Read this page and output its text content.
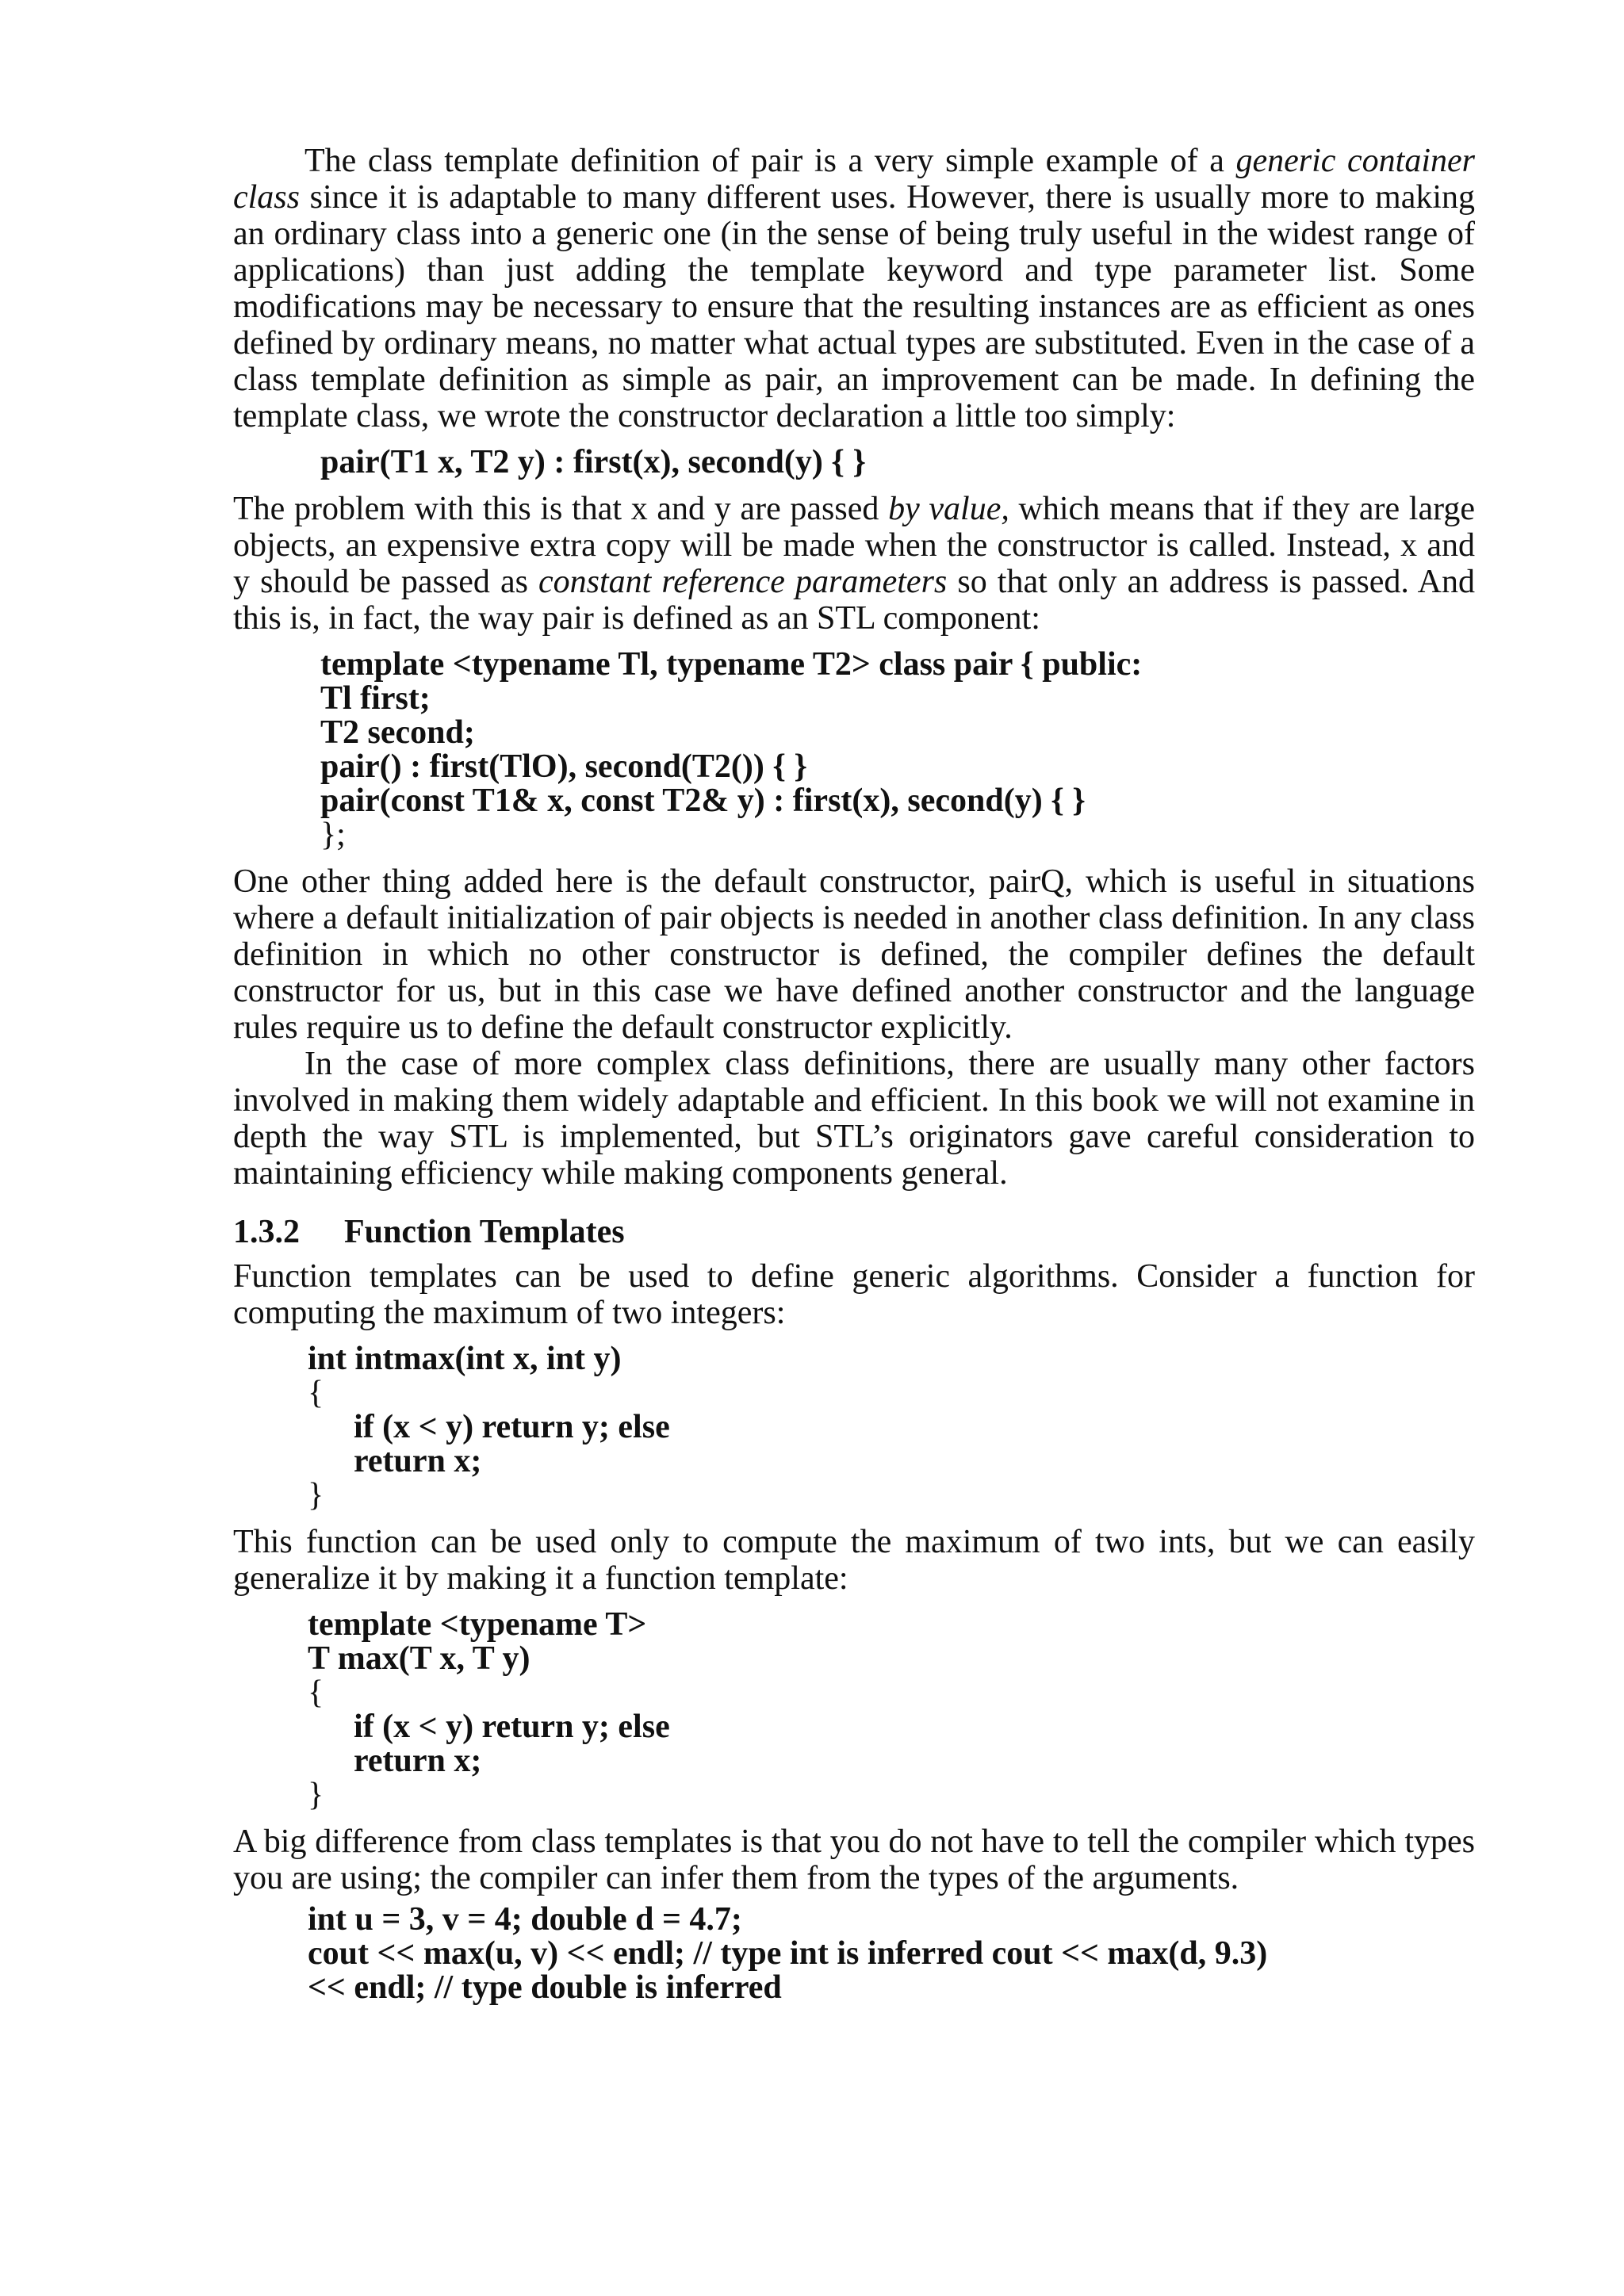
The class template definition of pair is a very simple example of a generic container class since it is adaptable to many different uses. However, there is usually more to making an ordinary class into a generic one (in the sense of being truly useful in the widest range of applications) than just adding the template keyword and type parameter list. Some modifications may be necessary to ensure that the resulting instances are as efficient as ones defined by ordinary means, no matter what actual types are substituted. Even in the case of a class template definition as simple as pair, an improvement can be made. In defining the template class, we wrote the constructor declaration a little too simply:

pair(T1 x, T2 y) : first(x), second(y) { }

The problem with this is that x and y are passed by value, which means that if they are large objects, an expensive extra copy will be made when the constructor is called. Instead, x and y should be passed as constant reference parameters so that only an address is passed. And this is, in fact, the way pair is defined as an STL component:

template <typename Tl, typename T2> class pair { public:
Tl first;
T2 second;
pair() : first(TlO), second(T2()) { }
pair(const T1& x, const T2& y) : first(x), second(y) { }
};

One other thing added here is the default constructor, pairQ, which is useful in situations where a default initialization of pair objects is needed in another class definition. In any class definition in which no other constructor is defined, the compiler defines the default constructor for us, but in this case we have defined another constructor and the language rules require us to define the default constructor explicitly.

In the case of more complex class definitions, there are usually many other factors involved in making them widely adaptable and efficient. In this book we will not examine in depth the way STL is implemented, but STL’s originators gave careful consideration to maintaining efficiency while making components general.

1.3.2 Function Templates

Function templates can be used to define generic algorithms. Consider a function for computing the maximum of two integers:

int intmax(int x, int y)
{
if (x < y) return y; else
return x;
}

This function can be used only to compute the maximum of two ints, but we can easily generalize it by making it a function template:

template <typename T>
T max(T x, T y)
{
if (x < y) return y; else
return x;
}

A big difference from class templates is that you do not have to tell the compiler which types you are using; the compiler can infer them from the types of the arguments.

int u = 3, v = 4; double d = 4.7;
cout << max(u, v) << endl; // type int is inferred cout << max(d, 9.3)
<< endl; // type double is inferred
